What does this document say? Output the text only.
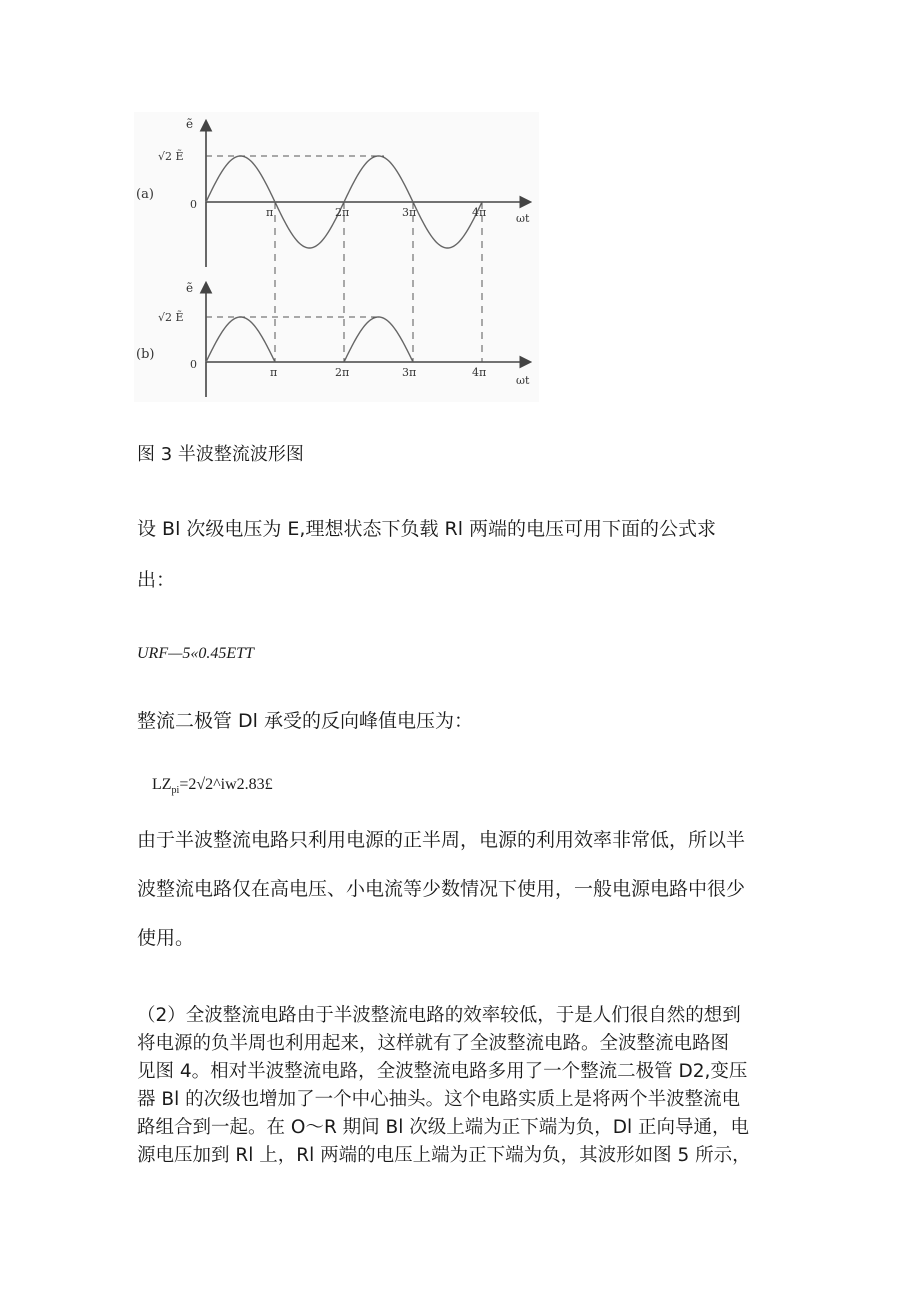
ẽ
√2 Ẽ
(a)
0
π	2π	3π	4π	ωt
ẽ
√2 Ẽ
(b)
0
π	2π	3π	4π
ωt
图 3 半波整流波形图
设 Bl 次级电压为 E,理想状态下负载 Rl 两端的电压可用下面的公式求
出：
URF—5«0.45ETT
整流二极管 Dl 承受的反向峰值电压为：
$LZ_{pi}=2√2\^{}iw2.83£$
由于半波整流电路只利用电源的正半周，电源的利用效率非常低，所以半
波整流电路仅在高电压、小电流等少数情况下使用，一般电源电路中很少
使用。
（2）全波整流电路由于半波整流电路的效率较低，于是人们很自然的想到
将电源的负半周也利用起来，这样就有了全波整流电路。全波整流电路图
见图 4。相对半波整流电路，全波整流电路多用了一个整流二极管 D2,变压
器 Bl 的次级也增加了一个中心抽头。这个电路实质上是将两个半波整流电
路组合到一起。在 O～R 期间 Bl 次级上端为正下端为负，Dl 正向导通，电
源电压加到 Rl 上，Rl 两端的电压上端为正下端为负，其波形如图 5 所示，
